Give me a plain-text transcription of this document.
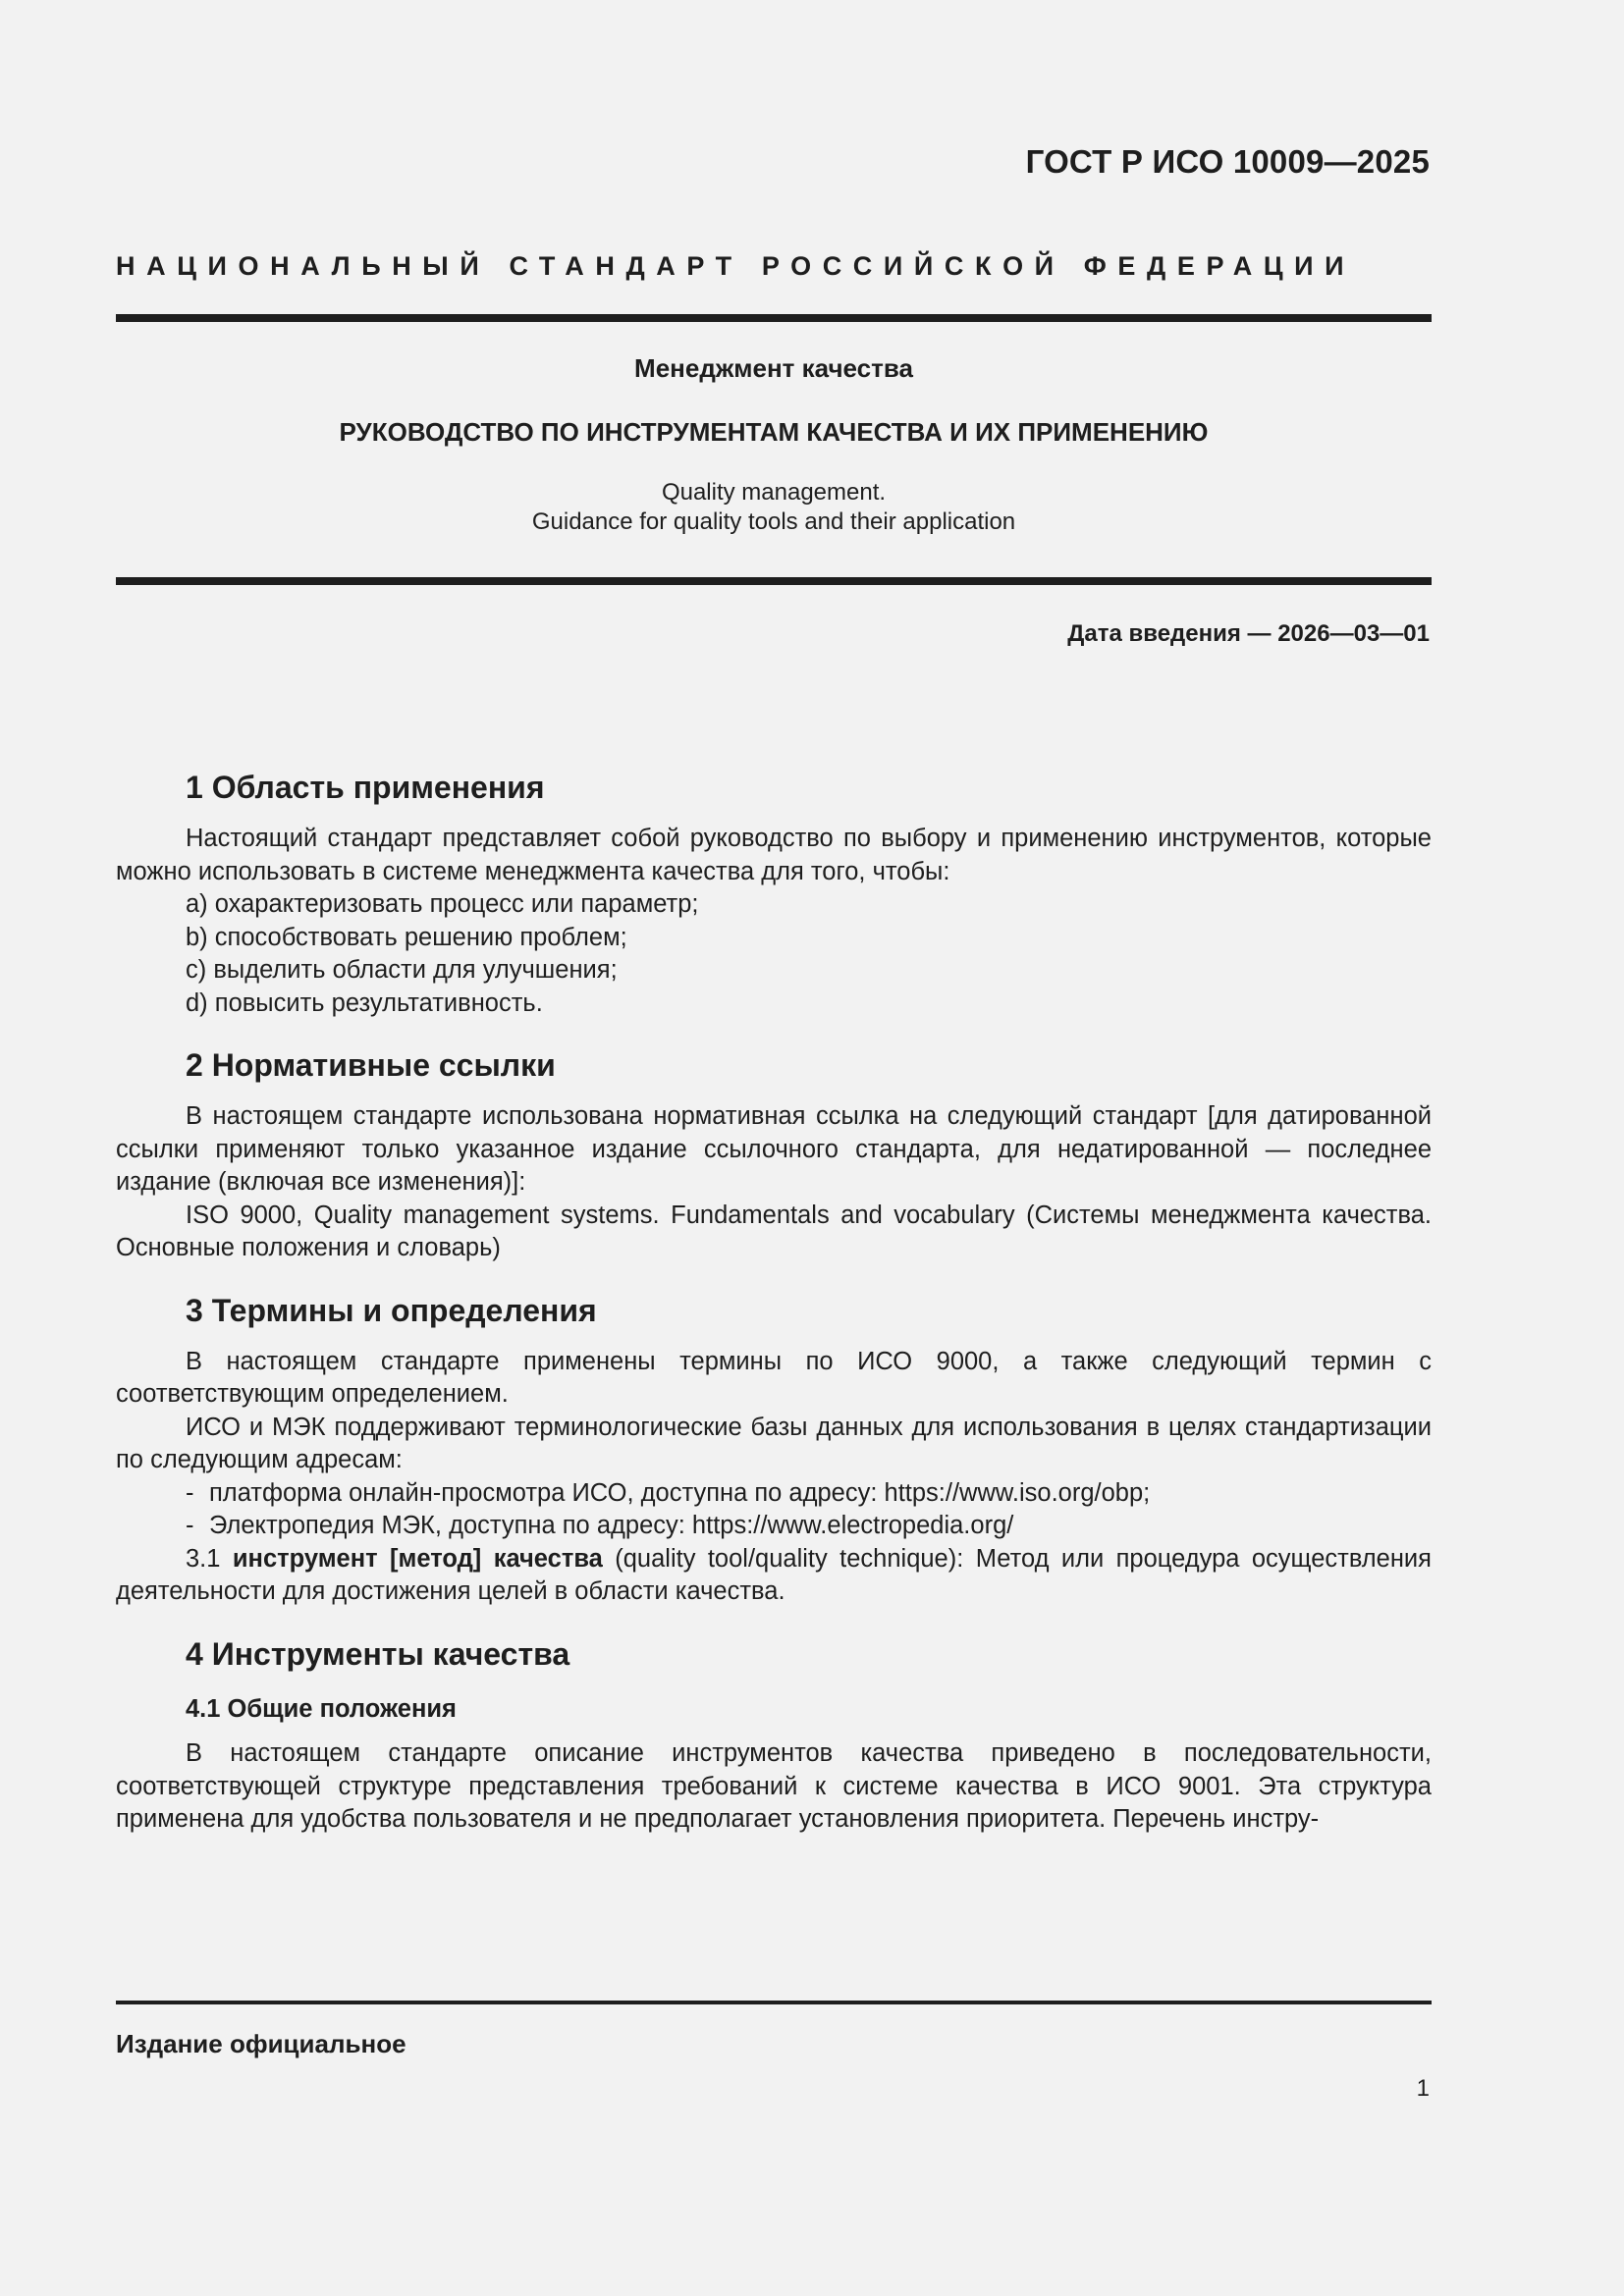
ГОСТ Р ИСО 10009—2025
НАЦИОНАЛЬНЫЙ СТАНДАРТ РОССИЙСКОЙ ФЕДЕРАЦИИ
Менеджмент качества
РУКОВОДСТВО ПО ИНСТРУМЕНТАМ КАЧЕСТВА И ИХ ПРИМЕНЕНИЮ
Quality management.
Guidance for quality tools and their application
Дата введения — 2026—03—01
1 Область применения

Настоящий стандарт представляет собой руководство по выбору и применению инструментов, которые можно использовать в системе менеджмента качества для того, чтобы:

a) охарактеризовать процесс или параметр;
b) способствовать решению проблем;
c) выделить области для улучшения;
d) повысить результативность.
2 Нормативные ссылки

В настоящем стандарте использована нормативная ссылка на следующий стандарт [для датированной ссылки применяют только указанное издание ссылочного стандарта, для недатированной — последнее издание (включая все изменения)]:

ISO 9000, Quality management systems. Fundamentals and vocabulary (Системы менеджмента качества. Основные положения и словарь)

3 Термины и определения

В настоящем стандарте применены термины по ИСО 9000, а также следующий термин с соответствующим определением.

ИСО и МЭК поддерживают терминологические базы данных для использования в целях стандартизации по следующим адресам:

- платформа онлайн-просмотра ИСО, доступна по адресу: https://www.iso.org/obp;
- Электропедия МЭК, доступна по адресу: https://www.electropedia.org/

3.1 инструмент [метод] качества (quality tool/quality technique): Метод или процедура осуществления деятельности для достижения целей в области качества.

4 Инструменты качества
4.1 Общие положения

В настоящем стандарте описание инструментов качества приведено в последовательности, соответствующей структуре представления требований к системе качества в ИСО 9001. Эта структура применена для удобства пользователя и не предполагает установления приоритета. Перечень инстру-

Издание официальное
1
